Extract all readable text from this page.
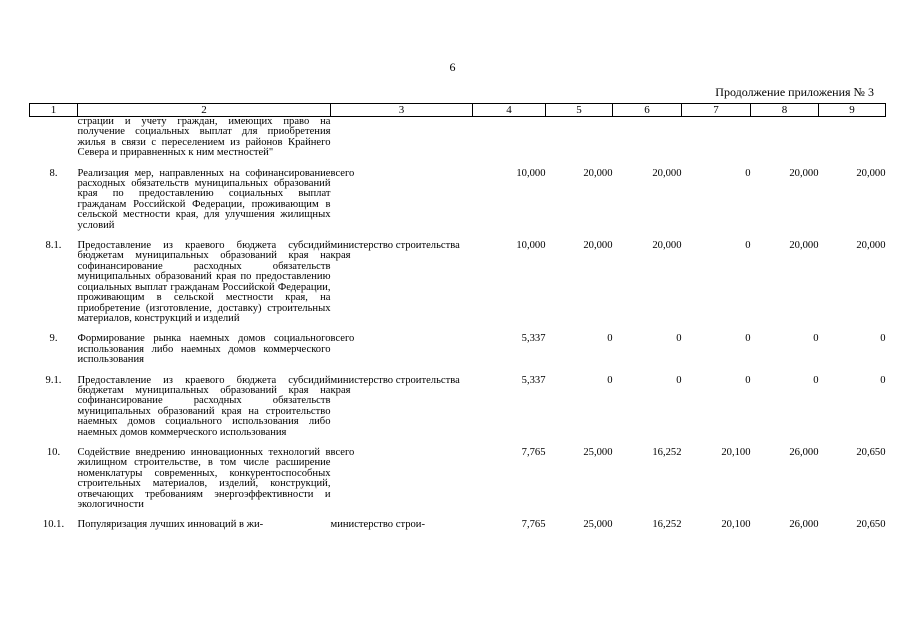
6
Продолжение приложения № 3
1	2	3	4	5	6	7	8	9
	страции и учету граждан, имеющих право на получение социальных выплат для приобретения жилья в связи с переселением из районов Крайнего Севера и приравненных к ним местностей"							

8.	Реализация мер, направленных на софинансирование расходных обязательств муниципальных образований края по предоставлению социальных выплат гражданам Российской Федерации, проживающим в сельской местности края, для улучшения жилищных условий	всего	10,000	20,000	20,000	0	20,000	20,000

8.1.	Предоставление из краевого бюджета субсидий бюджетам муниципальных образований края на софинансирование расходных обязательств муниципальных образований края по предоставлению социальных выплат гражданам Российской Федерации, проживающим в сельской местности края, на приобретение (изготовление, доставку) строительных материалов, конструкций и изделий	министерство строительства края	10,000	20,000	20,000	0	20,000	20,000

9.	Формирование рынка наемных домов социального использования либо наемных домов коммерческого использования	всего	5,337	0	0	0	0	0

9.1.	Предоставление из краевого бюджета субсидий бюджетам муниципальных образований края на софинансирование расходных обязательств муниципальных образований края на строительство наемных домов социального использования либо наемных домов коммерческого использования	министерство строительства края	5,337	0	0	0	0	0

10.	Содействие внедрению инновационных технологий в жилищном строительстве, в том числе расширение номенклатуры современных, конкурентоспособных строительных материалов, изделий, конструкций, отвечающих требованиям энергоэффективности и экологичности	всего	7,765	25,000	16,252	20,100	26,000	20,650

10.1.	Популяризация лучших инноваций в жи-	министерство строи-	7,765	25,000	16,252	20,100	26,000	20,650
